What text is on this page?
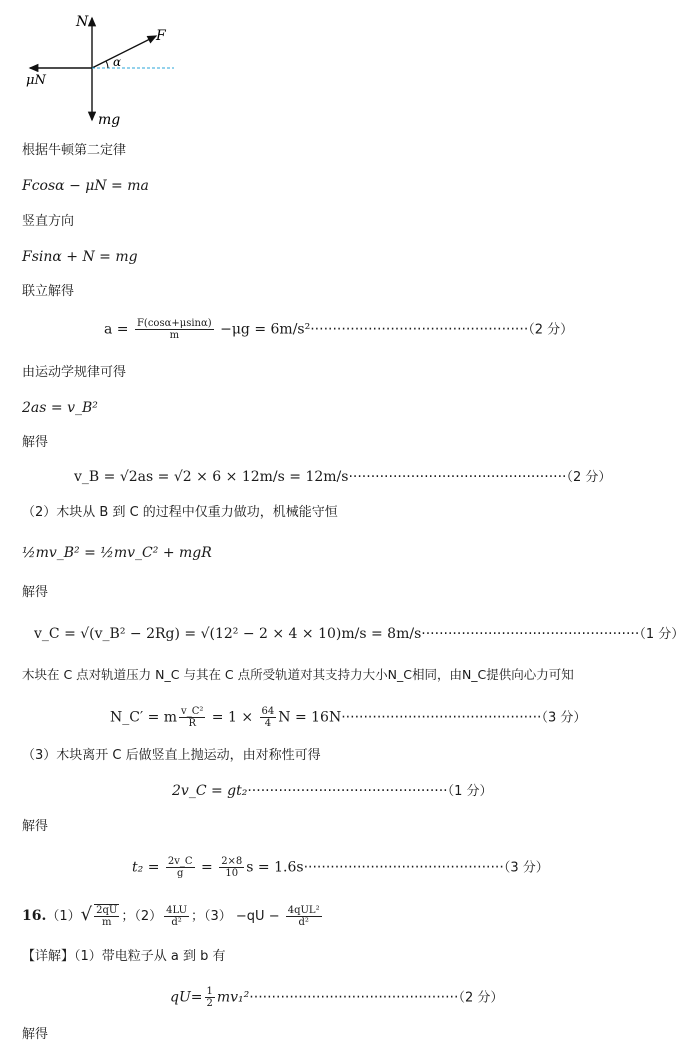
N
F
α
μN
mg
根据牛顿第二定律
Fcosα − μN = ma
竖直方向
Fsinα + N = mg
联立解得
$a = \frac{F(\cos\alpha+\mu\sin\alpha)}{m} -\mu g = 6m/s^2\cdot\cdot\cdot\cdot\cdot\cdot\cdot\cdot\cdot\cdot\cdot\cdot\cdot\cdot\cdot\cdot\cdot\cdot\cdot\cdot\cdot\cdot\cdot\cdot\cdot\cdot\cdot\cdot\cdot\cdot\cdot\cdot\cdot\cdot\cdot\cdot\cdot\cdot\cdot\cdot\cdot\cdot\cdot\cdot\cdot\cdot\cdot\cdot\cdot(2$ 分）
由运动学规律可得
2as = v_B²
解得
v_B = √2as = √2 × 6 × 12m/s = 12m/s·················································（2 分）
（2）木块从 B 到 C 的过程中仅重力做功，机械能守恒
½mv_B² = ½mv_C² + mgR
解得
v_C = √(v_B² − 2Rg) = √(12² − 2 × 4 × 10)m/s = 8m/s·················································（1 分）
木块在 C 点对轨道压力 N_C 与其在 C 点所受轨道对其支持力大小N_C相同，由N_C提供向心力可知
N_C′ = m $\frac{\text{v\_C²}}{R} = 1 \times \frac{64}{4}$ N = 16N·············································（3 分）
（3）木块离开 C 后做竖直上抛运动，由对称性可得
2v_C = gt₂·············································（1 分）
解得
$t_2 = \frac{2v\_C}{g} = \frac{2\times 8}{10}$ s = 1.6s·············································（3 分）
$16.(1)√ \frac{2qU}{m}$ ；$(2) \frac{4LU}{\text{d²}}$ ；$(3) -qU - \frac{\text{4qUL²}}{\text{d²}}$
【详解】（1）带电粒子从 a 到 b 有
$qU= \frac{1}{2} mv_1^2\cdot\cdot\cdot\cdot\cdot\cdot\cdot\cdot\cdot\cdot\cdot\cdot\cdot\cdot\cdot\cdot\cdot\cdot\cdot\cdot\cdot\cdot\cdot\cdot\cdot\cdot\cdot\cdot\cdot\cdot\cdot\cdot\cdot\cdot\cdot\cdot\cdot\cdot\cdot\cdot\cdot\cdot\cdot\cdot\cdot\cdot\cdot(2$ 分）
解得
